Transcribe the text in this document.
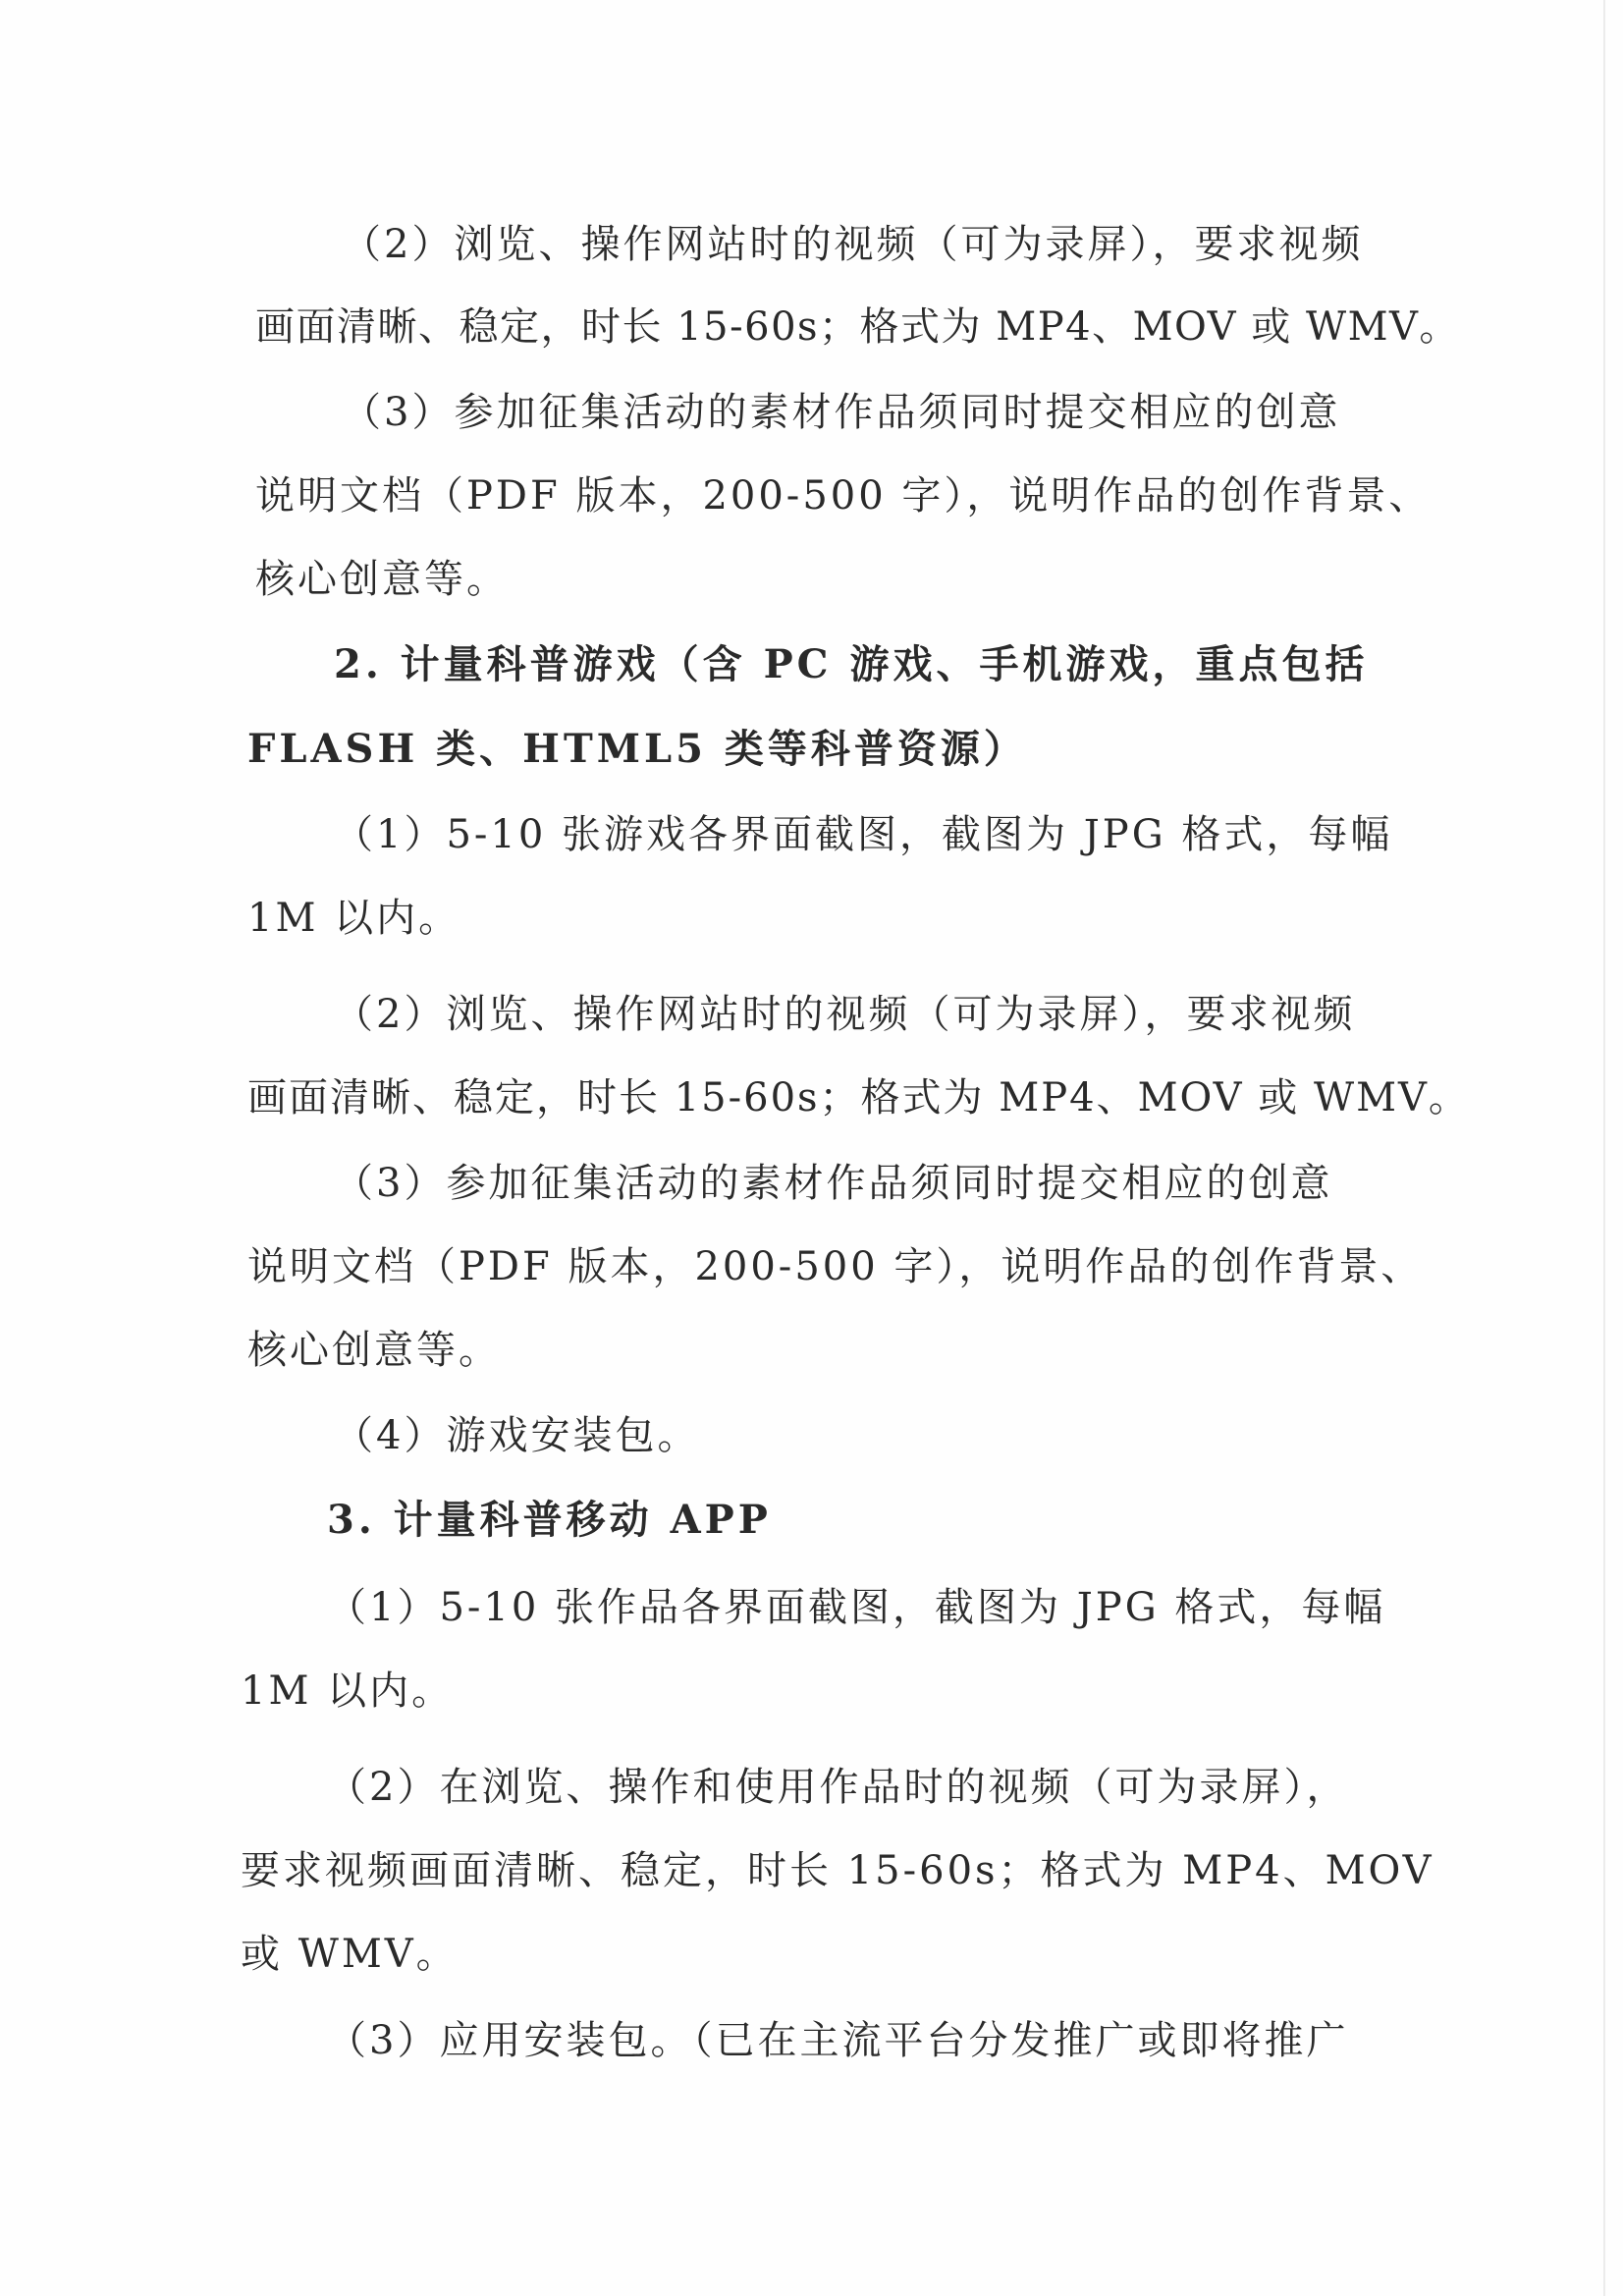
（2）浏览、操作网站时的视频（可为录屏），要求视频

画面清晰、稳定，时长 15-60s；格式为 MP4、MOV 或 WMV。

（3）参加征集活动的素材作品须同时提交相应的创意

说明文档（PDF 版本，200-500 字），说明作品的创作背景、

核心创意等。

2. 计量科普游戏（含 PC 游戏、手机游戏，重点包括

FLASH 类、HTML5 类等科普资源）

（1）5-10 张游戏各界面截图，截图为 JPG 格式，每幅

1M 以内。

（2）浏览、操作网站时的视频（可为录屏），要求视频

画面清晰、稳定，时长 15-60s；格式为 MP4、MOV 或 WMV。

（3）参加征集活动的素材作品须同时提交相应的创意

说明文档（PDF 版本，200-500 字），说明作品的创作背景、

核心创意等。

（4）游戏安装包。

3. 计量科普移动 APP

（1）5-10 张作品各界面截图，截图为 JPG 格式，每幅

1M 以内。

（2）在浏览、操作和使用作品时的视频（可为录屏），

要求视频画面清晰、稳定，时长 15-60s；格式为 MP4、MOV

或 WMV。

（3）应用安装包。（已在主流平台分发推广或即将推广
